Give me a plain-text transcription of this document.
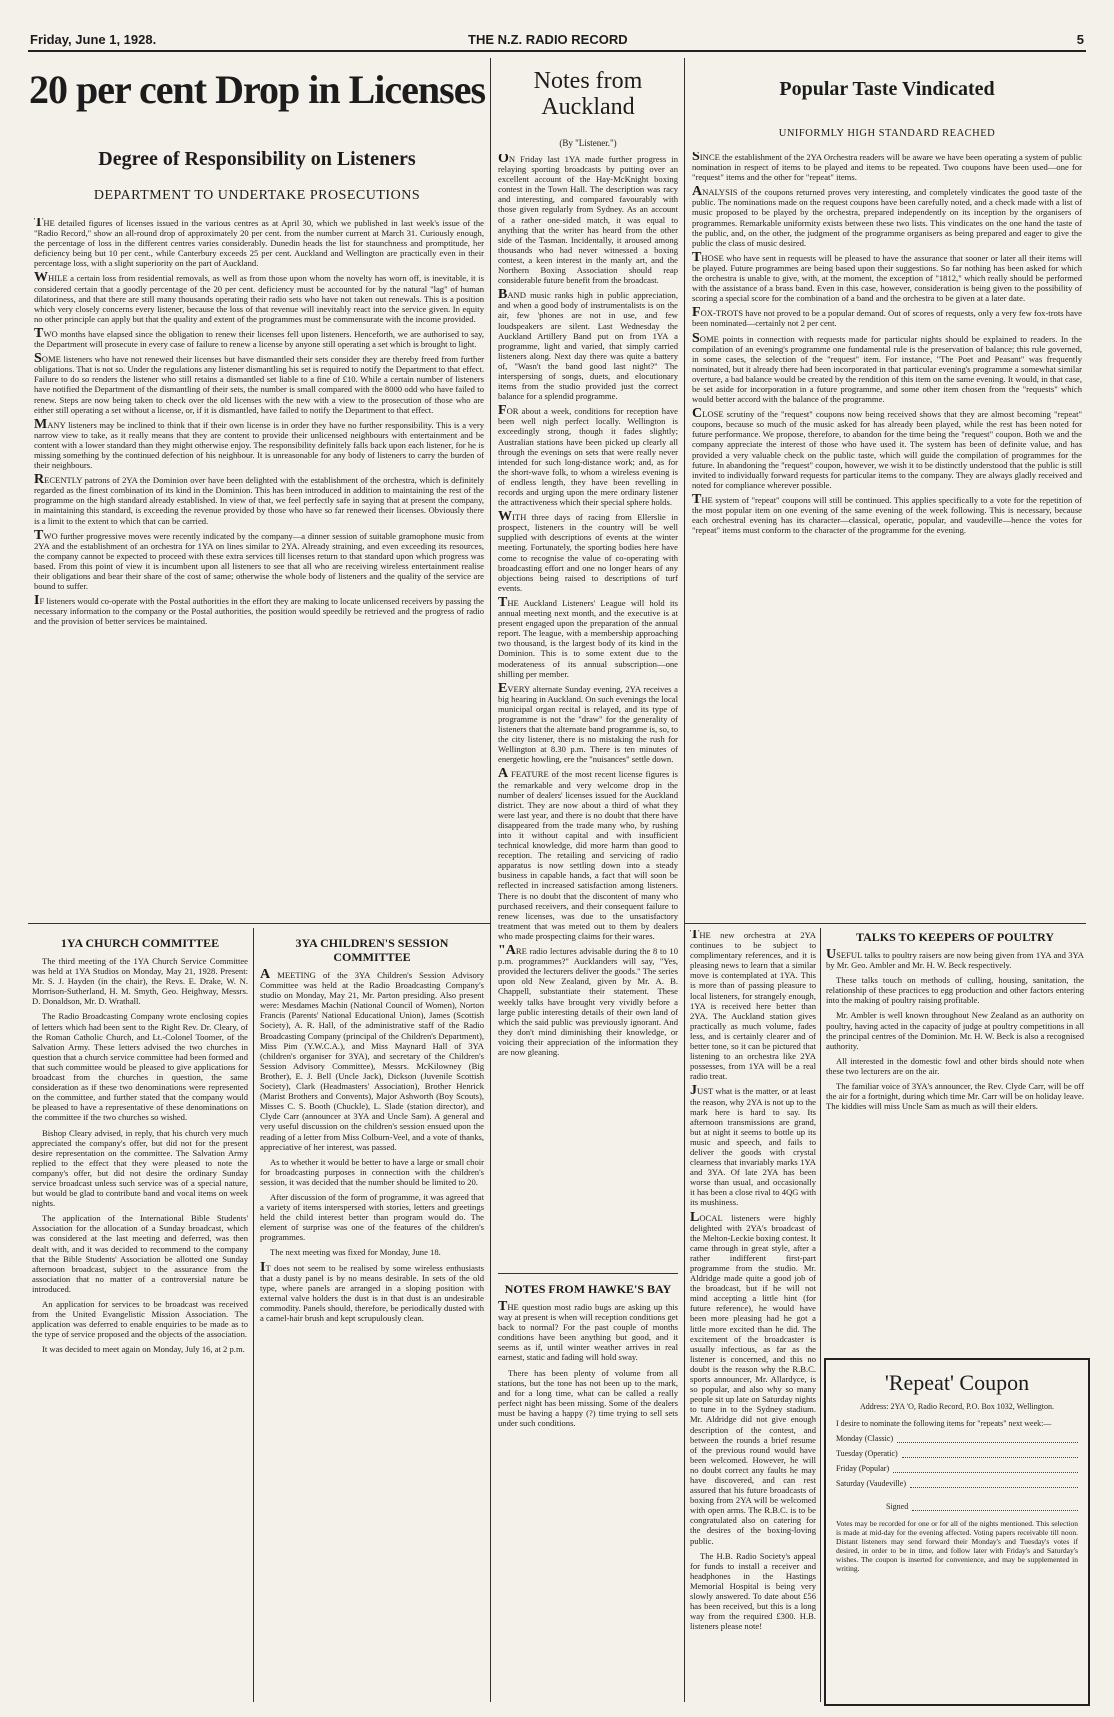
Friday, June 1, 1928.	THE N.Z. RADIO RECORD	5
20 per cent Drop in Licenses
Degree of Responsibility on Listeners
DEPARTMENT TO UNDERTAKE PROSECUTIONS

THE detailed figures of licenses issued in the various centres as at April 30, which we published in last week's issue of the "Radio Record," show an all-round drop of approximately 20 per cent. from the number current at March 31. Curiously enough, the percentage of loss in the different centres varies considerably. Dunedin heads the list for staunchness and promptitude, her deficiency being but 10 per cent., while Canterbury exceeds 25 per cent. Auckland and Wellington are practically even in their percentage loss, with a slight superiority on the part of Auckland.

WHILE a certain loss from residential removals, as well as from those upon whom the novelty has worn off, is inevitable, it is considered certain that a goodly percentage of the 20 per cent. deficiency must be accounted for by the natural "lag" of human dilatoriness, and that there are still many thousands operating their radio sets who have not taken out renewals. This is a position which very closely concerns every listener, because the loss of that revenue will inevitably react into the service given. In equity no other principle can apply but that the quality and extent of the programmes must be commensurate with the income provided.

TWO months have elapsed since the obligation to renew their licenses fell upon listeners. Henceforth, we are authorised to say, the Department will prosecute in every case of failure to renew a license by anyone still operating a set which is brought to light.

SOME listeners who have not renewed their licenses but have dismantled their sets consider they are thereby freed from further obligations. That is not so. Under the regulations any listener dismantling his set is required to notify the Department to that effect. Failure to do so renders the listener who still retains a dismantled set liable to a fine of £10. While a certain number of listeners have notified the Department of the dismantling of their sets, the number is small compared with the 8000 odd who have failed to renew. Steps are now being taken to check over the old licenses with the new with a view to the prosecution of those who are either still operating a set without a license, or, if it is dismantled, have failed to notify the Department to that effect.

MANY listeners may be inclined to think that if their own license is in order they have no further responsibility. This is a very narrow view to take, as it really means that they are content to provide their unlicensed neighbours with entertainment and be content with a lower standard than they might otherwise enjoy. The responsibility definitely falls back upon each listener, for he is missing something by the continued defection of his neighbour. It is unreasonable for any body of listeners to carry the burden of their neighbours.

RECENTLY patrons of 2YA the Dominion over have been delighted with the establishment of the orchestra, which is definitely regarded as the finest combination of its kind in the Dominion. This has been introduced in addition to maintaining the rest of the programme on the high standard already established. In view of that, we feel perfectly safe in saying that at present the company, in maintaining this standard, is exceeding the revenue provided by those who have so far renewed their licenses. Obviously there is a limit to the extent to which that can be carried.

TWO further progressive moves were recently indicated by the company—a dinner session of suitable gramophone music from 2YA and the establishment of an orchestra for 1YA on lines similar to 2YA. Already straining, and even exceeding its resources, the company cannot be expected to proceed with these extra services till licenses return to that standard upon which progress was based. From this point of view it is incumbent upon all listeners to see that all who are receiving wireless entertainment realise their obligations and bear their share of the cost of same; otherwise the whole body of listeners and the quality of the service are bound to suffer.

IF listeners would co-operate with the Postal authorities in the effort they are making to locate unlicensed receivers by passing the necessary information to the company or the Postal authorities, the position would speedily be retrieved and the progress of radio and the provision of better services be maintained.

1YA CHURCH COMMITTEE

The third meeting of the 1YA Church Service Committee was held at 1YA Studios on Monday, May 21, 1928. Present: Mr. S. J. Hayden (in the chair), the Revs. E. Drake, W. N. Morrison-Sutherland, H. M. Smyth, Geo. Heighway, Messrs. D. Donaldson, Mr. D. Wrathall.

The Radio Broadcasting Company wrote enclosing copies of letters which had been sent to the Right Rev. Dr. Cleary, of the Roman Catholic Church, and Lt.-Colonel Toomer, of the Salvation Army. These letters advised the two churches in question that a church service committee had been formed and that such committee would be pleased to give applications for broadcast from the churches in question, the same consideration as if these two denominations were represented on the committee, and further stated that the company would be pleased to have a representative of these denominations on the committee if the two churches so wished.

Bishop Cleary advised, in reply, that his church very much appreciated the company's offer, but did not for the present desire representation on the committee. The Salvation Army replied to the effect that they were pleased to note the company's offer, but did not desire the ordinary Sunday service broadcast unless such service was of a special nature, but would be glad to contribute band and vocal items on week nights.

The application of the International Bible Students' Association for the allocation of a Sunday broadcast, which was considered at the last meeting and deferred, was then dealt with, and it was decided to recommend to the company that the Bible Students' Association be allotted one Sunday afternoon broadcast, subject to the assurance from the association that no matter of a controversial nature be introduced.

An application for services to be broadcast was received from the United Evangelistic Mission Association. The application was deferred to enable enquiries to be made as to the type of service proposed and the objects of the association.

It was decided to meet again on Monday, July 16, at 2 p.m.

3YA CHILDREN'S SESSION COMMITTEE

A MEETING of the 3YA Children's Session Advisory Committee was held at the Radio Broadcasting Company's studio on Monday, May 21, Mr. Parton presiding. Also present were: Mesdames Machin (National Council of Women), Norton Francis (Parents' National Educational Union), James (Scottish Society), A. R. Hall, of the administrative staff of the Radio Broadcasting Company (principal of the Children's Department), Miss Pim (Y.W.C.A.), and Miss Maynard Hall of 3YA (children's organiser for 3YA), and secretary of the Children's Session Advisory Committee), Messrs. McKilowney (Big Brother), E. J. Bell (Uncle Jack), Dickson (Juvenile Scottish Society), Clark (Headmasters' Association), Brother Henrick (Marist Brothers and Convents), Major Ashworth (Boy Scouts), Misses C. S. Booth (Chuckle), L. Slade (station director), and Clyde Carr (announcer at 3YA and Uncle Sam). A general and very useful discussion on the children's session ensued upon the reading of a letter from Miss Colburn-Veel, and a vote of thanks, appreciative of her interest, was passed.

As to whether it would be better to have a large or small choir for broadcasting purposes in connection with the children's session, it was decided that the number should be limited to 20.

After discussion of the form of programme, it was agreed that a variety of items interspersed with stories, letters and greetings held the child interest better than program would do. The element of surprise was one of the features of the children's programmes.

The next meeting was fixed for Monday, June 18.

IT does not seem to be realised by some wireless enthusiasts that a dusty panel is by no means desirable. In sets of the old type, where panels are arranged in a sloping position with external valve holders the dust is in that dust is an undesirable commodity. Panels should, therefore, be periodically dusted with a camel-hair brush and kept scrupulously clean.

Notes from
Auckland
(By "Listener.")

ON Friday last 1YA made further progress in relaying sporting broadcasts by putting over an excellent account of the Hay-McKnight boxing contest in the Town Hall. The description was racy and interesting, and compared favourably with those given regularly from Sydney. As an account of a rather one-sided match, it was equal to anything that the writer has heard from the other side of the Tasman. Incidentally, it aroused among thousands who had never witnessed a boxing contest, a keen interest in the manly art, and the Northern Boxing Association should reap considerable future benefit from the broadcast.

BAND music ranks high in public appreciation, and when a good body of instrumentalists is on the air, few 'phones are not in use, and few loudspeakers are silent. Last Wednesday the Auckland Artillery Band put on from 1YA a programme, light and varied, that simply carried listeners along. Next day there was quite a battery of, "Wasn't the band good last night?" The interspersing of songs, duets, and elocutionary items from the studio provided just the correct balance for a splendid programme.

FOR about a week, conditions for reception have been well nigh perfect locally. Wellington is exceedingly strong, though it fades slightly; Australian stations have been picked up clearly all through the evenings on sets that were really never intended for such long-distance work; and, as for the short-wave folk, to whom a wireless evening is of endless length, they have been revelling in records and urging upon the mere ordinary listener the attractiveness which their special sphere holds.

WITH three days of racing from Ellerslie in prospect, listeners in the country will be well supplied with descriptions of events at the winter meeting. Fortunately, the sporting bodies here have come to recognise the value of co-operating with broadcasting effort and one no longer hears of any objections being raised to descriptions of turf events.

THE Auckland Listeners' League will hold its annual meeting next month, and the executive is at present engaged upon the preparation of the annual report. The league, with a membership approaching two thousand, is the largest body of its kind in the Dominion. This is to some extent due to the moderateness of its annual subscription—one shilling per member.

EVERY alternate Sunday evening, 2YA receives a big hearing in Auckland. On such evenings the local municipal organ recital is relayed, and its type of programme is not the "draw" for the generality of listeners that the alternate band programme is, so, to the city listener, there is no mistaking the rush for Wellington at 8.30 p.m. There is ten minutes of energetic howling, ere the "nuisances" settle down.

A FEATURE of the most recent license figures is the remarkable and very welcome drop in the number of dealers' licenses issued for the Auckland district. They are now about a third of what they were last year, and there is no doubt that there have disappeared from the trade many who, by rushing into it without capital and with insufficient technical knowledge, did more harm than good to reception. The retailing and servicing of radio apparatus is now settling down into a steady business in capable hands, a fact that will soon be reflected in increased satisfaction among listeners. There is no doubt that the discontent of many who purchased receivers, and their consequent failure to renew licenses, was due to the unsatisfactory treatment that was meted out to them by dealers who made prospecting claims for their wares.

"ARE radio lectures advisable during the 8 to 10 p.m. programmes?" Aucklanders will say, "Yes, provided the lecturers deliver the goods." The series upon old New Zealand, given by Mr. A. B. Chappell, substantiate their statement. These weekly talks have brought very vividly before a large public interesting details of their own land of which the said public was previously ignorant. And they don't mind diminishing their knowledge, or voicing their appreciation of the information they are now gleaning.

NOTES FROM HAWKE'S BAY

THE question most radio bugs are asking up this way at present is when will reception conditions get back to normal? For the past couple of months conditions have been anything but good, and it seems as if, until winter weather arrives in real earnest, static and fading will hold sway.

There has been plenty of volume from all stations, but the tone has not been up to the mark, and for a long time, what can be called a really perfect night has been missing. Some of the dealers must be having a happy (?) time trying to sell sets under such conditions.

THE new orchestra at 2YA continues to be subject to complimentary references, and it is pleasing news to learn that a similar move is contemplated at 1YA. This is more than of passing pleasure to local listeners, for strangely enough, 1YA is received here better than 2YA. The Auckland station gives practically as much volume, fades less, and is certainly clearer and of better tone, so it can be pictured that listening to an orchestra like 2YA possesses, from 1YA will be a real radio treat.

JUST what is the matter, or at least the reason, why 2YA is not up to the mark here is hard to say. Its afternoon transmissions are grand, but at night it seems to bottle up its music and speech, and fails to deliver the goods with crystal clearness that invariably marks 1YA and 3YA. Of late 2YA has been worse than usual, and occasionally it has been a close rival to 4QG with its mushiness.

LOCAL listeners were highly delighted with 2YA's broadcast of the Melton-Leckie boxing contest. It came through in great style, after a rather indifferent first-part programme from the studio. Mr. Aldridge made quite a good job of the broadcast, but if he will not mind accepting a little hint (for future reference), he would have been more pleasing had he got a little more excited than he did. The excitement of the broadcaster is usually infectious, as far as the listener is concerned, and this no doubt is the reason why the R.B.C. sports announcer, Mr. Allardyce, is so popular, and also why so many people sit up late on Saturday nights to tune in to the Sydney stadium. Mr. Aldridge did not give enough description of the contest, and between the rounds a brief resume of the previous round would have been welcomed. However, he will no doubt correct any faults he may have discovered, and can rest assured that his future broadcasts of boxing from 2YA will be welcomed with open arms. The R.B.C. is to be congratulated also on catering for the desires of the boxing-loving public.

The H.B. Radio Society's appeal for funds to install a receiver and headphones in the Hastings Memorial Hospital is being very slowly answered. To date about £56 has been received, but this is a long way from the required £300. H.B. listeners please note!

Popular Taste Vindicated
UNIFORMLY HIGH STANDARD REACHED

SINCE the establishment of the 2YA Orchestra readers will be aware we have been operating a system of public nomination in respect of items to be played and items to be repeated. Two coupons have been used—one for "request" items and the other for "repeat" items.

ANALYSIS of the coupons returned proves very interesting, and completely vindicates the good taste of the public. The nominations made on the request coupons have been carefully noted, and a check made with a list of music proposed to be played by the orchestra, prepared independently on its inception by the organisers of programmes. Remarkable uniformity exists between these two lists. This vindicates on the one hand the taste of the public, and, on the other, the judgment of the programme organisers as being prepared and eager to give the public the class of music desired.

THOSE who have sent in requests will be pleased to have the assurance that sooner or later all their items will be played. Future programmes are being based upon their suggestions. So far nothing has been asked for which the orchestra is unable to give, with, at the moment, the exception of "1812," which really should be performed with the assistance of a brass band. Even in this case, however, consideration is being given to the possibility of scoring a special score for the combination of a band and the orchestra to be given at a later date.

FOX-TROTS have not proved to be a popular demand. Out of scores of requests, only a very few fox-trots have been nominated—certainly not 2 per cent.

SOME points in connection with requests made for particular nights should be explained to readers. In the compilation of an evening's programme one fundamental rule is the preservation of balance; this rule governed, in some cases, the selection of the "request" item. For instance, "The Poet and Peasant" was frequently nominated, but it already there had been incorporated in that particular evening's programme a somewhat similar overture, a bad balance would be created by the rendition of this item on the same evening. It would, in that case, be set aside for incorporation in a future programme, and some other item chosen from the "requests" which would better accord with the balance of the programme.

CLOSE scrutiny of the "request" coupons now being received shows that they are almost becoming "repeat" coupons, because so much of the music asked for has already been played, while the rest has been noted for future performance. We propose, therefore, to abandon for the time being the "request" coupon. Both we and the company appreciate the interest of those who have used it. The system has been of definite value, and has provided a very valuable check on the public taste, which will guide the compilation of programmes for the future. In abandoning the "request" coupon, however, we wish it to be distinctly understood that the public is still invited to individually forward requests for particular items to the company. They are always gladly received and noted for compliance wherever possible.

THE system of "repeat" coupons will still be continued. This applies specifically to a vote for the repetition of the most popular item on one evening of the same evening of the week following. This is necessary, because each orchestral evening has its character—classical, operatic, popular, and vaudeville—hence the votes for "repeat" items must conform to the character of the programme for the evening.

TALKS TO KEEPERS OF POULTRY

USEFUL talks to poultry raisers are now being given from 1YA and 3YA by Mr. Geo. Ambler and Mr. H. W. Beck respectively.

These talks touch on methods of culling, housing, sanitation, the relationship of these practices to egg production and other factors entering into the making of poultry raising profitable.

Mr. Ambler is well known throughout New Zealand as an authority on poultry, having acted in the capacity of judge at poultry competitions in all the principal centres of the Dominion. Mr. H. W. Beck is also a recognised authority.

All interested in the domestic fowl and other birds should note when these two lecturers are on the air.

The familiar voice of 3YA's announcer, the Rev. Clyde Carr, will be off the air for a fortnight, during which time Mr. Carr will be on holiday leave. The kiddies will miss Uncle Sam as much as will their elders.

'Repeat' Coupon
Address: 2YA 'O, Radio Record, P.O. Box 1032, Wellington.
I desire to nominate the following items for "repeats" next week:—
Monday (Classic)
Tuesday (Operatic)
Friday (Popular)
Saturday (Vaudeville)
Signed
Votes may be recorded for one or for all of the nights mentioned. This selection is made at mid-day for the evening affected. Voting papers receivable till noon. Distant listeners may send forward their Monday's and Tuesday's votes if desired, in order to be in time, and follow later with Friday's and Saturday's wishes. The coupon is inserted for convenience, and may be supplemented in writing.
